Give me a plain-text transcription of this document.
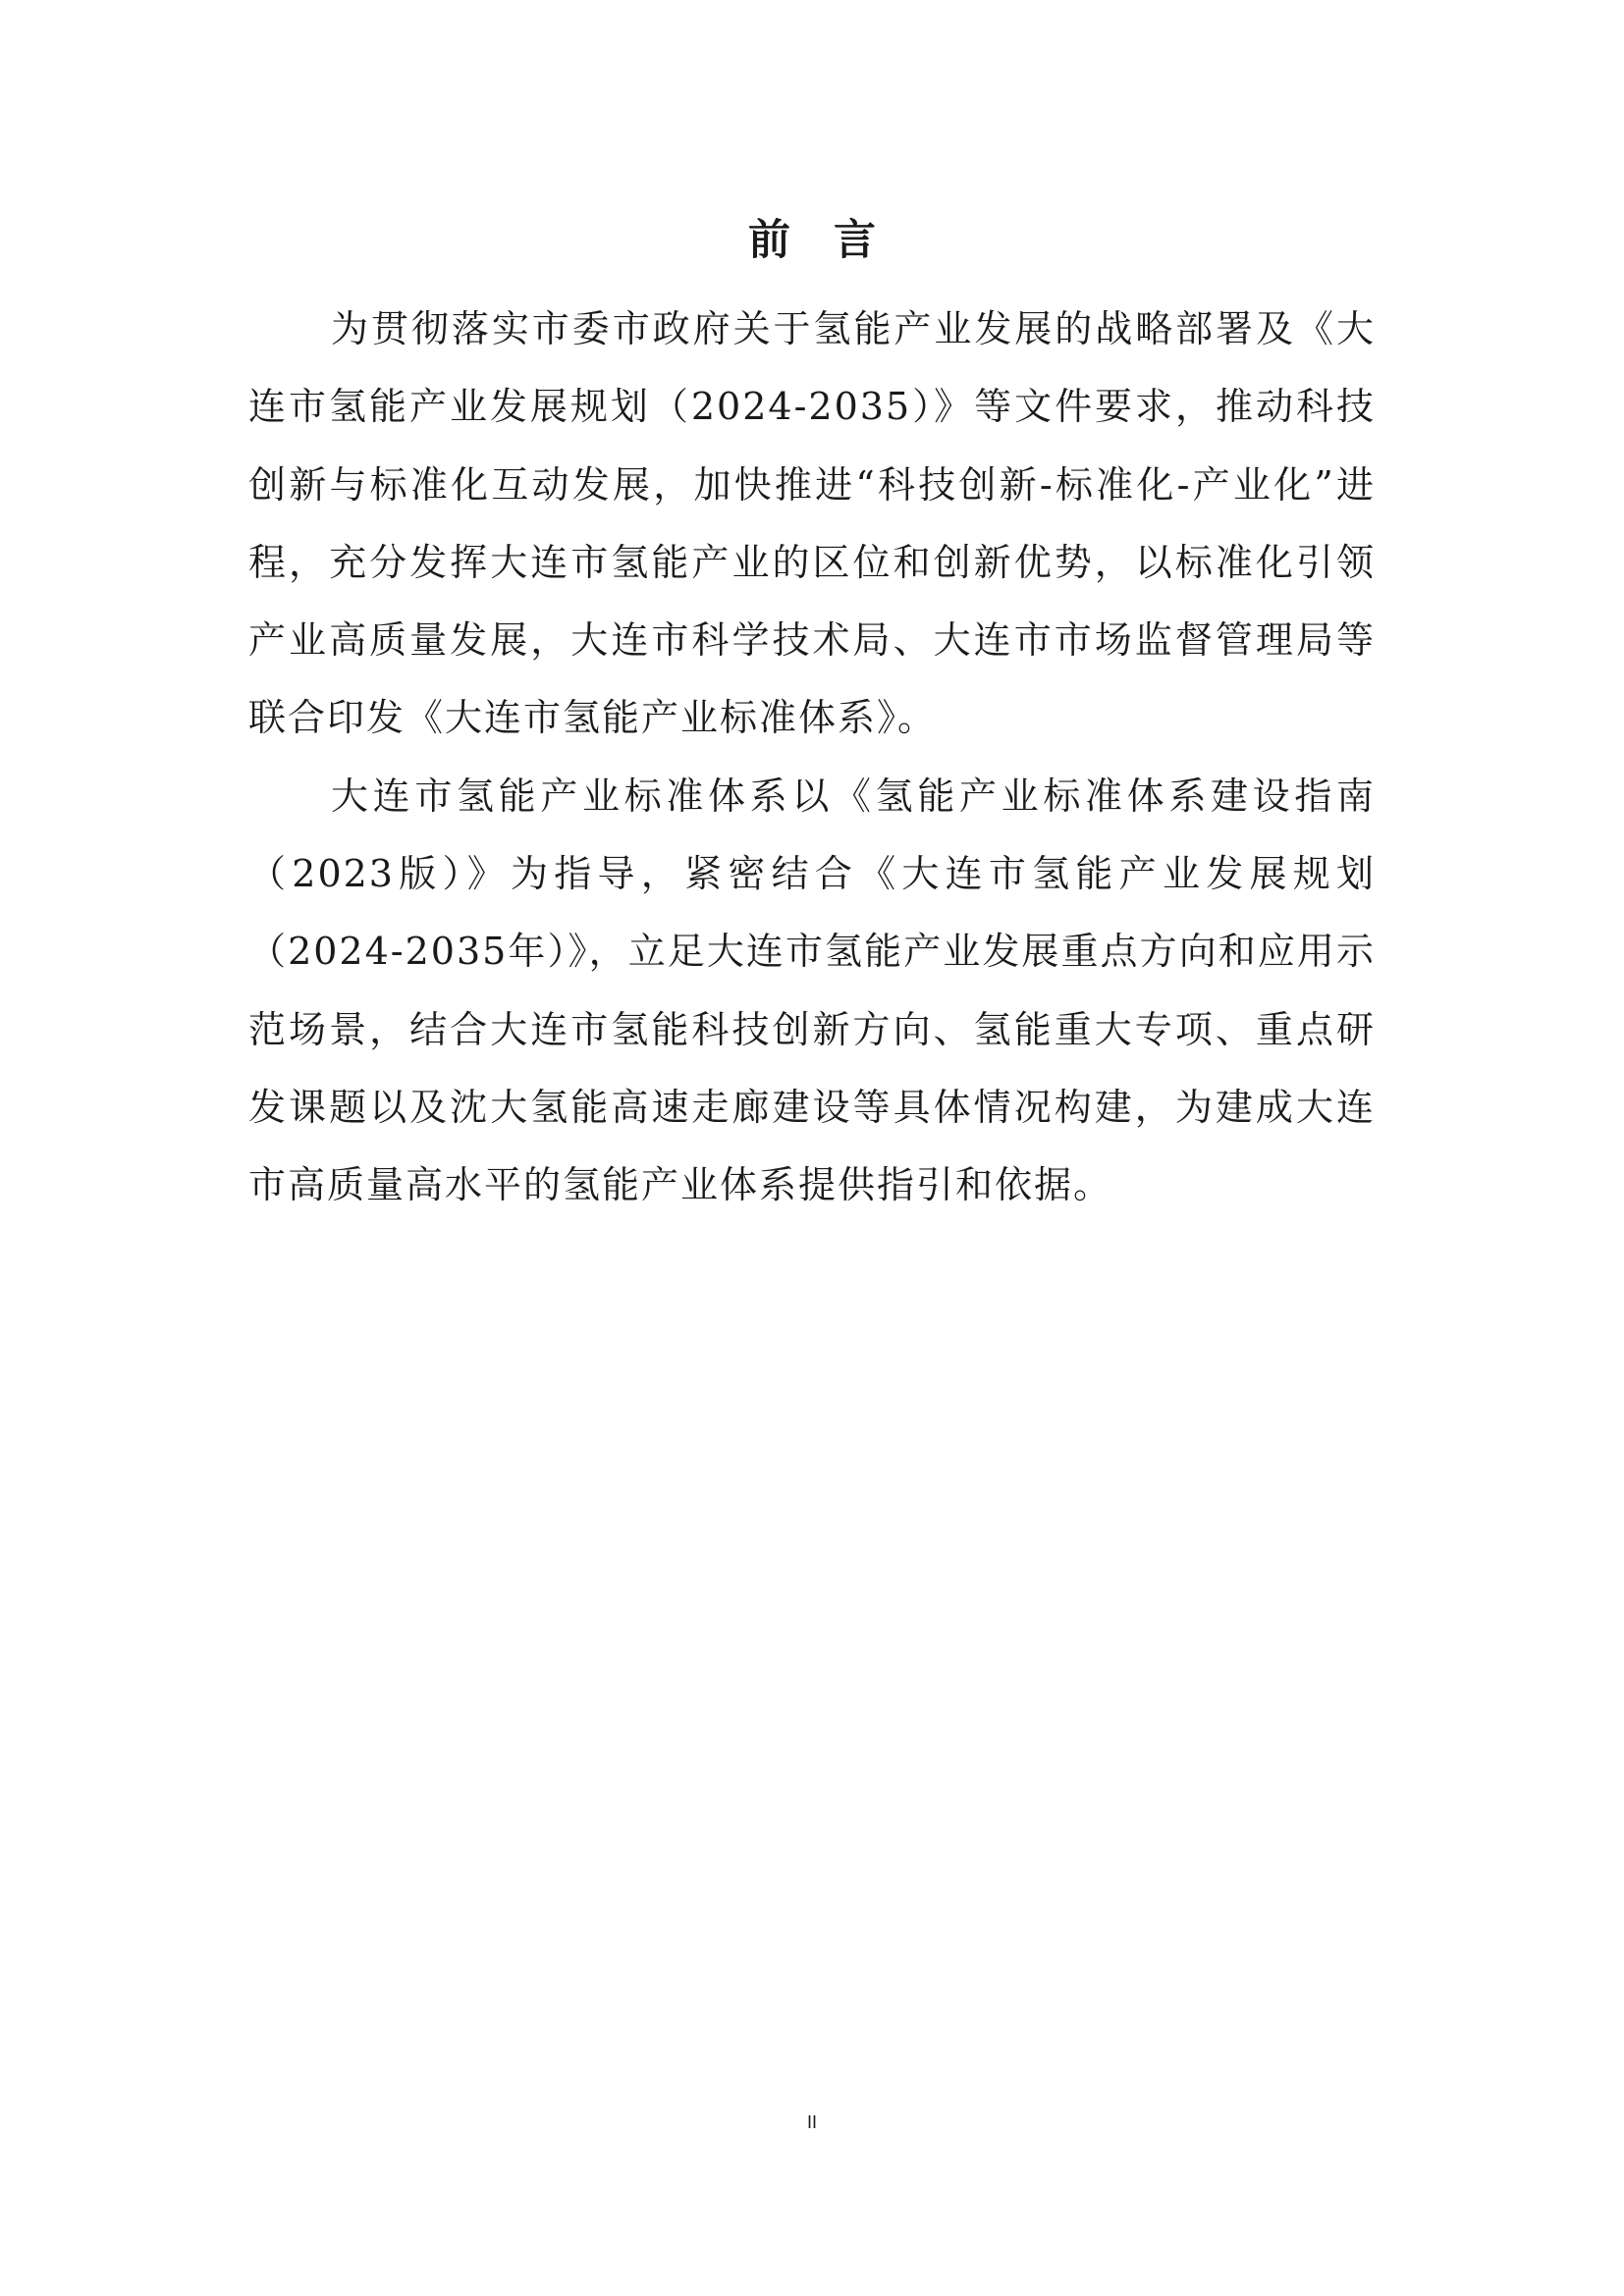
前言

为贯彻落实市委市政府关于氢能产业发展的战略部署及《大连市氢能产业发展规划（2024-2035）》等文件要求，推动科技创新与标准化互动发展，加快推进“科技创新-标准化-产业化”进程，充分发挥大连市氢能产业的区位和创新优势，以标准化引领产业高质量发展，大连市科学技术局、大连市市场监督管理局等联合印发《大连市氢能产业标准体系》。

大连市氢能产业标准体系以《氢能产业标准体系建设指南（2023版）》为指导，紧密结合《大连市氢能产业发展规划（2024-2035年）》，立足大连市氢能产业发展重点方向和应用示范场景，结合大连市氢能科技创新方向、氢能重大专项、重点研发课题以及沈大氢能高速走廊建设等具体情况构建，为建成大连市高质量高水平的氢能产业体系提供指引和依据。

II
